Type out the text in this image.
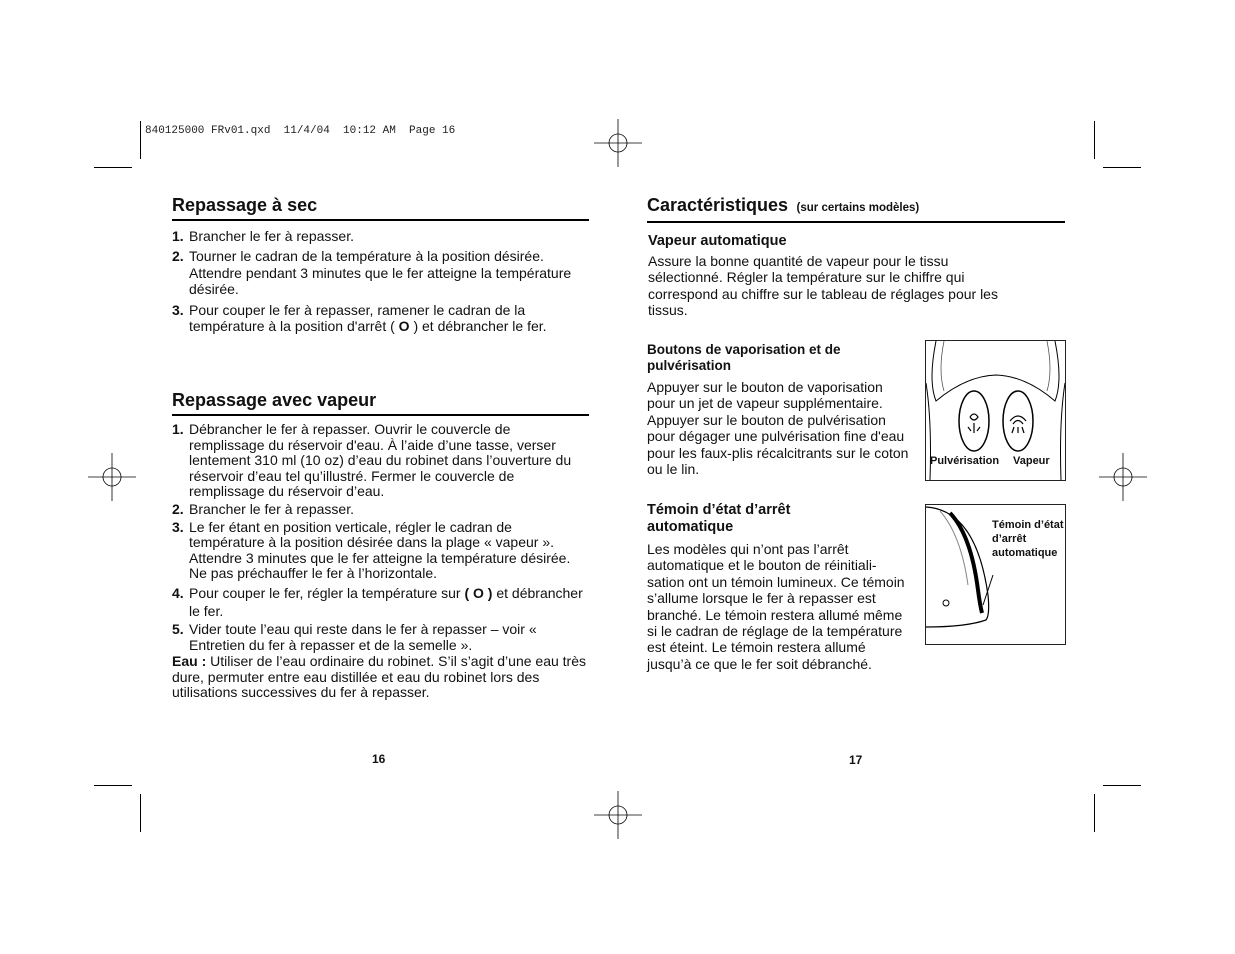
840125000 FRv01.qxd  11/4/04  10:12 AM  Page 16
Repassage à sec
1. Brancher le fer à repasser.
2. Tourner le cadran de la température à la position désirée. Attendre pendant 3 minutes que le fer atteigne la température désirée.
3. Pour couper le fer à repasser, ramener le cadran de la température à la position d'arrêt ( O ) et débrancher le fer.
Repassage avec vapeur
1. Débrancher le fer à repasser. Ouvrir le couvercle de remplissage du réservoir d'eau. À l’aide d’une tasse, verser lentement 310 ml (10 oz) d’eau du robinet dans l’ouverture du réservoir d’eau tel qu’illustré. Fermer le couvercle de remplissage du réservoir d’eau.
2. Brancher le fer à repasser.
3. Le fer étant en position verticale, régler le cadran de température à la position désirée dans la plage « vapeur ». Attendre 3 minutes que le fer atteigne la température désirée. Ne pas préchauffer le fer à l’horizontale.
4. Pour couper le fer, régler la température sur ( O ) et débrancher le fer.
5. Vider toute l’eau qui reste dans le fer à repasser – voir « Entretien du fer à repasser et de la semelle ».

Eau : Utiliser de l’eau ordinaire du robinet. S’il s’agit d’une eau très dure, permuter entre eau distillée et eau du robinet lors des utilisations successives du fer à repasser.

16
Caractéristiques (sur certains modèles)

Vapeur automatique

Assure la bonne quantité de vapeur pour le tissu sélectionné. Régler la température sur le chiffre qui correspond au chiffre sur le tableau de réglages pour les tissus.

Boutons de vaporisation et de pulvérisation

Appuyer sur le bouton de vaporisation pour un jet de vapeur supplémentaire. Appuyer sur le bouton de pulvérisation pour dégager une pulvérisation fine d'eau pour les faux-plis récalcitrants sur le coton ou le lin.

Pulvérisation Vapeur

Témoin d’état d’arrêt automatique

Les modèles qui n’ont pas l’arrêt automatique et le bouton de réinitiali- sation ont un témoin lumineux. Ce témoin s’allume lorsque le fer à repasser est branché. Le témoin restera allumé même si le cadran de réglage de la température est éteint. Le témoin restera allumé jusqu’à ce que le fer soit débranché.

Témoin d’état d’arrêt automatique
17
